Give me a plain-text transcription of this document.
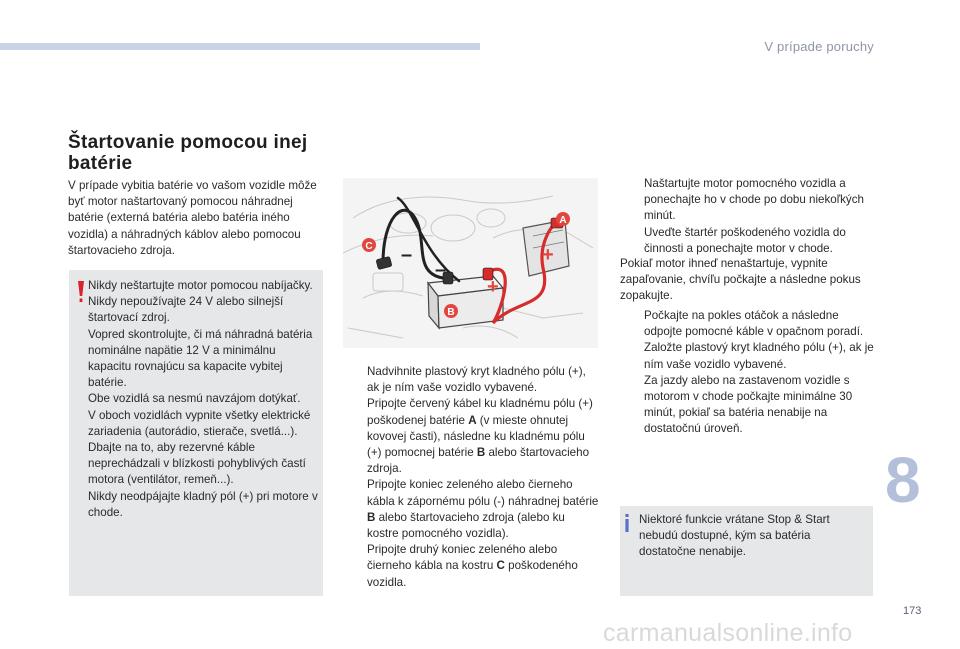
V prípade poruchy
Štartovanie pomocou inej batérie
V prípade vybitia batérie vo vašom vozidle môže byť motor naštartovaný pomocou náhradnej batérie (externá batéria alebo batéria iného vozidla) a náhradných káblov alebo pomocou štartovacieho zdroja.
Nikdy neštartujte motor pomocou nabíjačky.
Nikdy nepoužívajte 24 V alebo silnejší štartovací zdroj.
Vopred skontrolujte, či má náhradná batéria nominálne napätie 12 V a minimálnu kapacitu rovnajúcu sa kapacite vybitej batérie.
Obe vozidlá sa nesmú navzájom dotýkať.
V oboch vozidlách vypnite všetky elektrické zariadenia (autorádio, stierače, svetlá...).
Dbajte na to, aby rezervné káble neprechádzali v blízkosti pohyblivých častí motora (ventilátor, remeň...).
Nikdy neodpájajte kladný pól (+) pri motore v chode.
–
–
+
+
A
B
C
Nadvihnite plastový kryt kladného pólu (+), ak je ním vaše vozidlo vybavené.
Pripojte červený kábel ku kladnému pólu (+) poškodenej batérie A (v mieste ohnutej kovovej časti), následne ku kladnému pólu (+) pomocnej batérie B alebo štartovacieho zdroja.
Pripojte koniec zeleného alebo čierneho kábla k zápornému pólu (-) náhradnej batérie B alebo štartovacieho zdroja (alebo ku kostre pomocného vozidla).
Pripojte druhý koniec zeleného alebo čierneho kábla na kostru C poškodeného vozidla.
Naštartujte motor pomocného vozidla a ponechajte ho v chode po dobu niekoľkých minút.
Uveďte štartér poškodeného vozidla do činnosti a ponechajte motor v chode.
Pokiaľ motor ihneď nenaštartuje, vypnite zapaľovanie, chvíľu počkajte a následne pokus zopakujte.
Počkajte na pokles otáčok a následne odpojte pomocné káble v opačnom poradí.
Založte plastový kryt kladného pólu (+), ak je ním vaše vozidlo vybavené.
Za jazdy alebo na zastavenom vozidle s motorom v chode počkajte minimálne 30 minút, pokiaľ sa batéria nenabije na dostatočnú úroveň.
Niektoré funkcie vrátane Stop & Start nebudú dostupné, kým sa batéria dostatočne nenabije.
8
173
carmanualsonline.info
